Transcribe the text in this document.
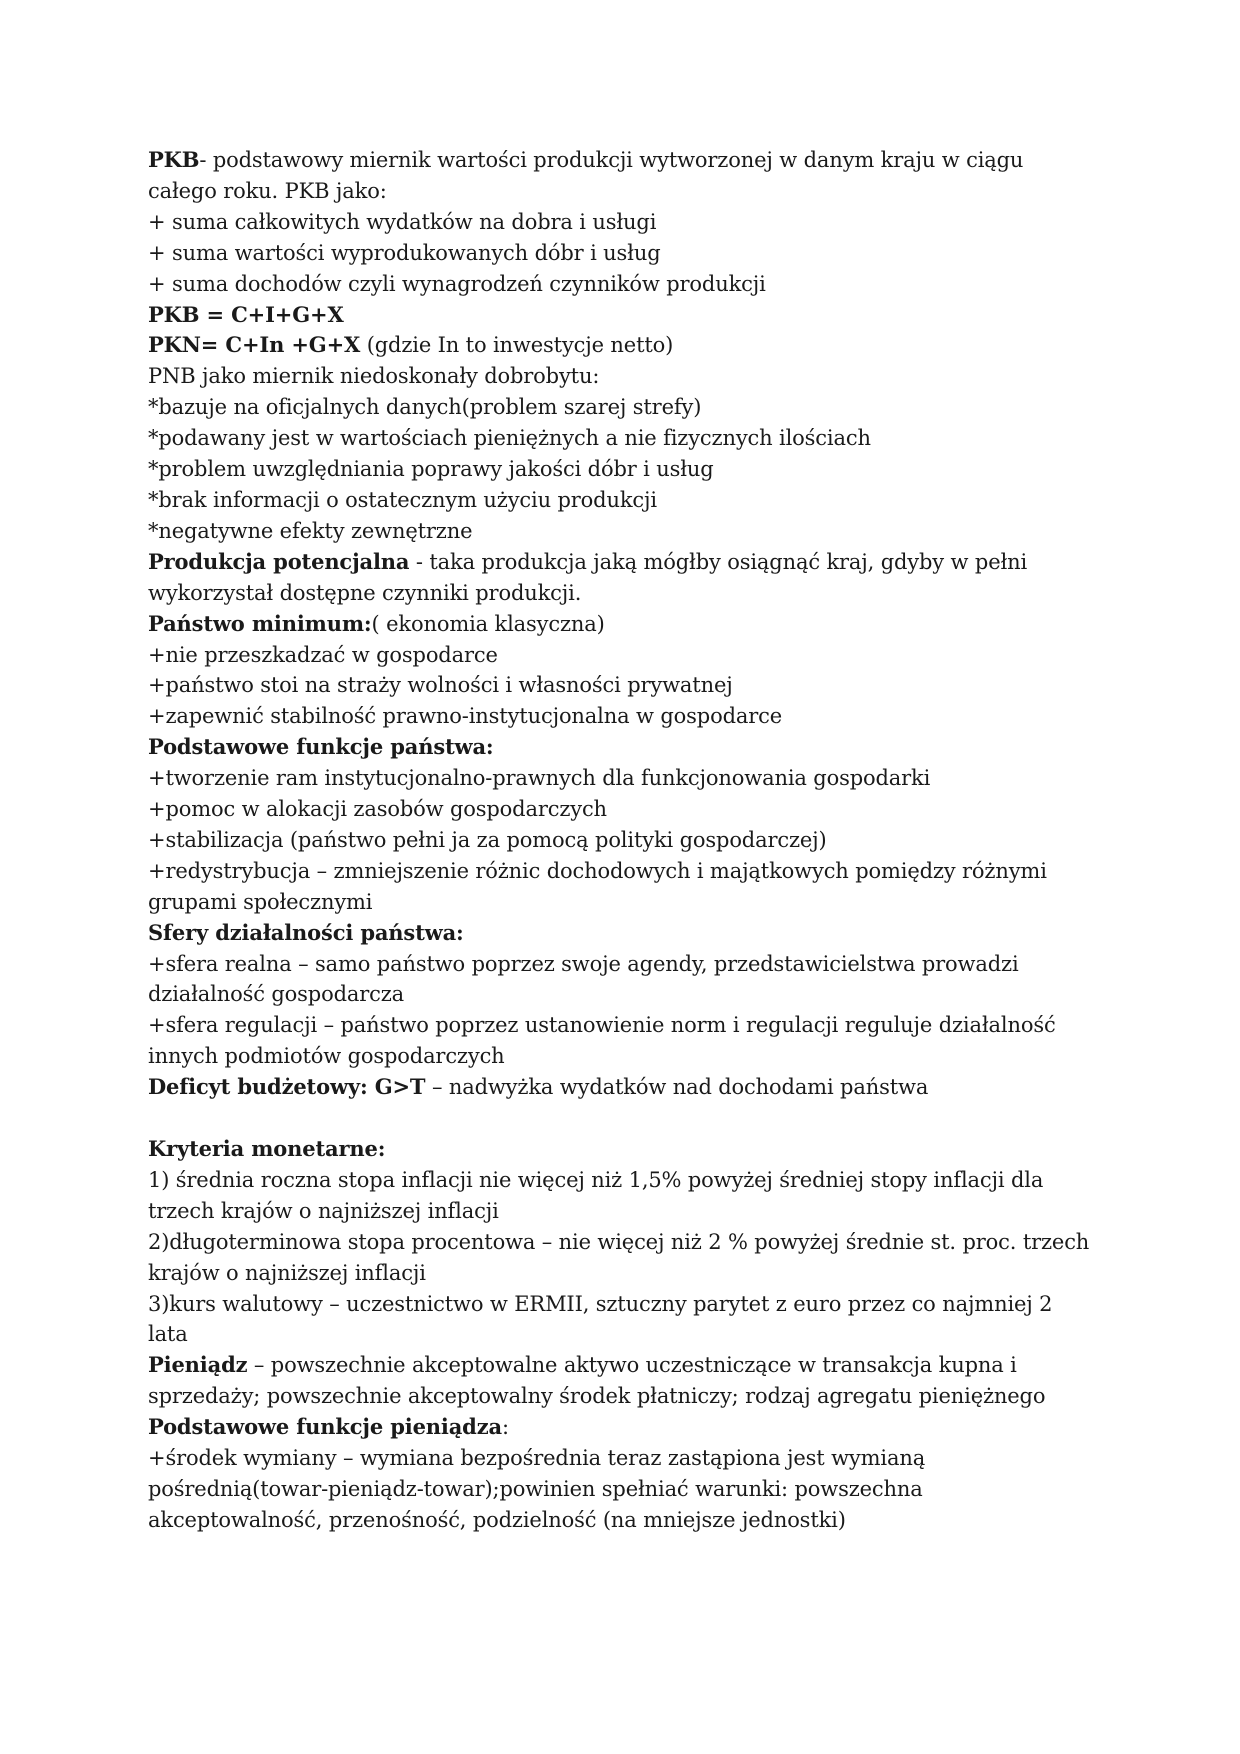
PKB- podstawowy miernik wartości produkcji wytworzonej w danym kraju w ciągu całego roku. PKB jako:

+ suma całkowitych wydatków na dobra i usługi

+ suma wartości wyprodukowanych dóbr i usług

+ suma dochodów czyli wynagrodzeń czynników produkcji

PKB = C+I+G+X

PKN= C+In +G+X (gdzie In to inwestycje netto)

PNB jako miernik niedoskonały dobrobytu:

*bazuje na oficjalnych danych(problem szarej strefy)

*podawany jest w wartościach pieniężnych a nie fizycznych ilościach

*problem uwzględniania poprawy jakości dóbr i usług

*brak informacji o ostatecznym użyciu produkcji

*negatywne efekty zewnętrzne

Produkcja potencjalna - taka produkcja jaką mógłby osiągnąć kraj, gdyby w pełni wykorzystał dostępne czynniki produkcji.

Państwo minimum:( ekonomia klasyczna)

+nie przeszkadzać w gospodarce

+państwo stoi na straży wolności i własności prywatnej

+zapewnić stabilność prawno-instytucjonalna w gospodarce

Podstawowe funkcje państwa:

+tworzenie ram instytucjonalno-prawnych dla funkcjonowania gospodarki

+pomoc w alokacji zasobów gospodarczych

+stabilizacja (państwo pełni ja za pomocą polityki gospodarczej)

+redystrybucja – zmniejszenie różnic dochodowych i majątkowych pomiędzy różnymi grupami społecznymi

Sfery działalności państwa:

+sfera realna – samo państwo poprzez swoje agendy, przedstawicielstwa prowadzi działalność gospodarcza

+sfera regulacji – państwo poprzez ustanowienie norm i regulacji reguluje działalność innych podmiotów gospodarczych

Deficyt budżetowy: G>T – nadwyżka wydatków nad dochodami państwa

Kryteria monetarne:

1) średnia roczna stopa inflacji nie więcej niż 1,5% powyżej średniej stopy inflacji dla trzech krajów o najniższej inflacji

2)długoterminowa stopa procentowa – nie więcej niż 2 % powyżej średnie st. proc. trzech krajów o najniższej inflacji

3)kurs walutowy – uczestnictwo w ERMII, sztuczny parytet z euro przez co najmniej 2 lata

Pieniądz – powszechnie akceptowalne aktywo uczestniczące w transakcja kupna i sprzedaży; powszechnie akceptowalny środek płatniczy; rodzaj agregatu pieniężnego

Podstawowe funkcje pieniądza:

+środek wymiany – wymiana bezpośrednia teraz zastąpiona jest wymianą pośrednią(towar-pieniądz-towar);powinien spełniać warunki: powszechna akceptowalność, przenośność, podzielność (na mniejsze jednostki)
